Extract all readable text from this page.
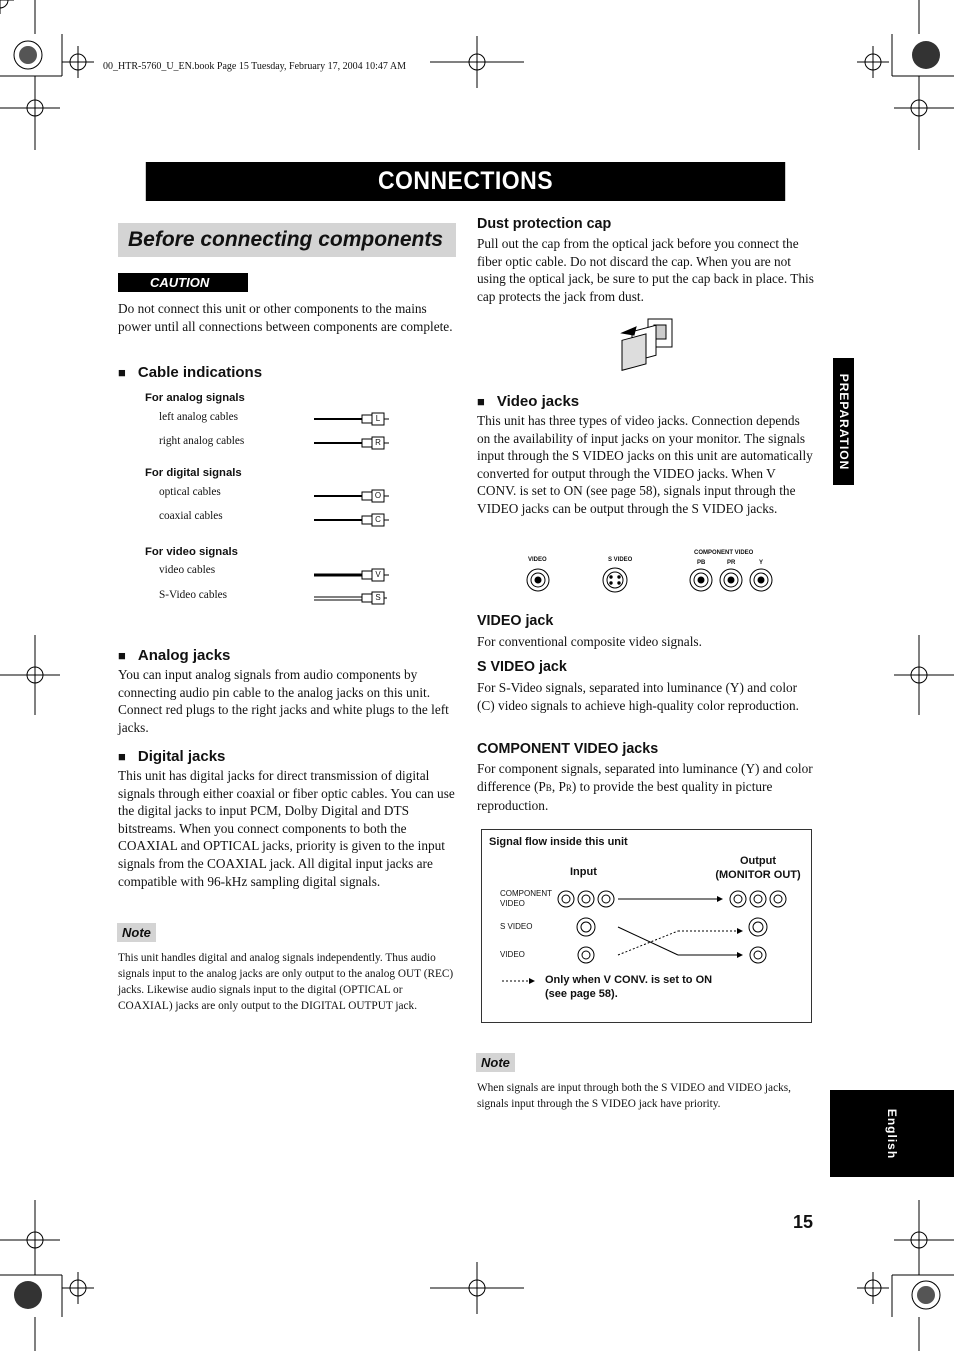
00_HTR-5760_U_EN.book Page 15 Tuesday, February 17, 2004 10:47 AM
CONNECTIONS
Before connecting components
CAUTION
Do not connect this unit or other components to the mains power until all connections between components are complete.
■ Cable indications
For analog signals
left analog cables
right analog cables
For digital signals
optical cables
coaxial cables
For video signals
video cables
S-Video cables
L
R
O
C
V
S
■ Analog jacks
You can input analog signals from audio components by connecting audio pin cable to the analog jacks on this unit. Connect red plugs to the right jacks and white plugs to the left jacks.
■ Digital jacks
This unit has digital jacks for direct transmission of digital signals through either coaxial or fiber optic cables. You can use the digital jacks to input PCM, Dolby Digital and DTS bitstreams. When you connect components to both the COAXIAL and OPTICAL jacks, priority is given to the input signals from the COAXIAL jack. All digital input jacks are compatible with 96-kHz sampling digital signals.
Note
This unit handles digital and analog signals independently. Thus audio signals input to the analog jacks are only output to the analog OUT (REC) jacks. Likewise audio signals input to the digital (OPTICAL or COAXIAL) jacks are only output to the DIGITAL OUTPUT jack.
Dust protection cap
Pull out the cap from the optical jack before you connect the fiber optic cable. Do not discard the cap. When you are not using the optical jack, be sure to put the cap back in place. This cap protects the jack from dust.
■ Video jacks
This unit has three types of video jacks. Connection depends on the availability of input jacks on your monitor. The signals input through the S VIDEO jacks on this unit are automatically converted for output through the VIDEO jacks. When V CONV. is set to ON (see page 58), signals input through the VIDEO jacks can be output through the S VIDEO jacks.
VIDEO	S VIDEO
COMPONENT VIDEO
PB	PR	Y
VIDEO jack
For conventional composite video signals.
S VIDEO jack
For S-Video signals, separated into luminance (Y) and color (C) video signals to achieve high-quality color reproduction.
COMPONENT VIDEO jacks
For component signals, separated into luminance (Y) and color difference (PB, PR) to provide the best quality in picture reproduction.
Signal flow inside this unit
Input
Output
(MONITOR OUT)
COMPONENT
VIDEO
S VIDEO
VIDEO
Only when V CONV. is set to ON
(see page 58).
Note
When signals are input through both the S VIDEO and VIDEO jacks, signals input through the S VIDEO jack have priority.
PREPARATION
English
15
